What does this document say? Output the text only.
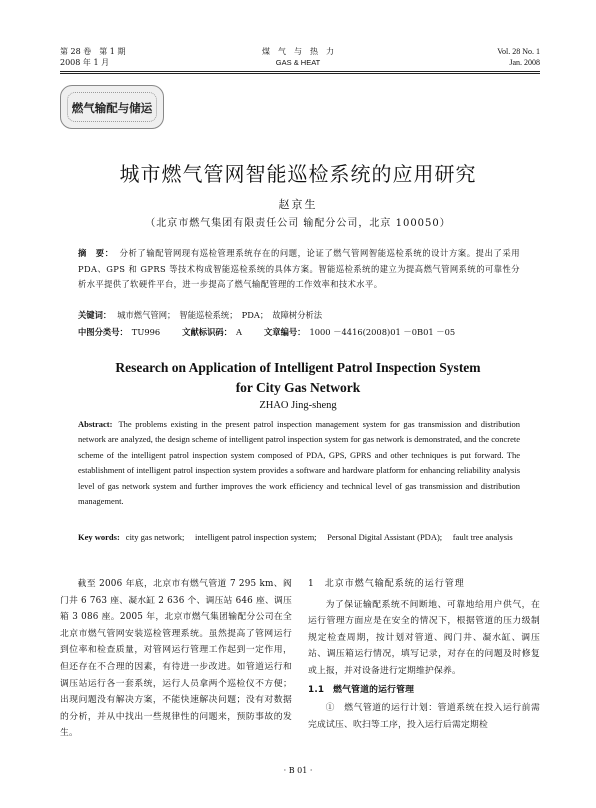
第 28 卷　第 1 期
2008 年 1 月
煤　气　与　热　力
GAS & HEAT
Vol. 28 No. 1
Jan. 2008
燃气输配与储运
城市燃气管网智能巡检系统的应用研究
赵京生
（北京市燃气集团有限责任公司 输配分公司，北京 100050）
摘　要： 分析了输配管网现有巡检管理系统存在的问题，论证了燃气管网智能巡检系统的设计方案。提出了采用 PDA、GPS 和 GPRS 等技术构成智能巡检系统的具体方案。智能巡检系统的建立为提高燃气管网系统的可靠性分析水平提供了软硬件平台，进一步提高了燃气输配管理的工作效率和技术水平。
关键词： 城市燃气管网；　智能巡检系统；　PDA；　故障树分析法
中图分类号： TU996	文献标识码： A	文章编号： 1000 －4416(2008)01 －0B01 －05
Research on Application of Intelligent Patrol Inspection System
for City Gas Network
ZHAO Jing-sheng
Abstract: The problems existing in the present patrol inspection management system for gas transmission and distribution network are analyzed, the design scheme of intelligent patrol inspection system for gas network is demonstrated, and the concrete scheme of the intelligent patrol inspection system composed of PDA, GPS, GPRS and other techniques is put forward. The establishment of intelligent patrol inspection system provides a software and hardware platform for enhancing reliability analysis level of gas network system and further improves the work efficiency and technical level of gas transmission and distribution management.
Key words: city gas network;　 intelligent patrol inspection system;　 Personal Digital Assistant (PDA);　 fault tree analysis

截至 2006 年底，北京市有燃气管道 7 295 km、阀门井 6 763 座、凝水缸 2 636 个、调压站 646 座、调压箱 3 086 座。2005 年，北京市燃气集团输配分公司在全北京市燃气管网安装巡检管理系统。虽然提高了管网运行到位率和检查质量，对管网运行管理工作起到一定作用，但还存在不合理的因素，有待进一步改进。如管道运行和调压站运行各一套系统，运行人员拿两个巡检仪不方便；出现问题没有解决方案，不能快速解决问题；没有对数据的分析，并从中找出一些规律性的问题来，预防事故的发生。

1　北京市燃气输配系统的运行管理

为了保证输配系统不间断地、可靠地给用户供气，在运行管理方面应是在安全的情况下，根据管道的压力级制规定检查周期，按计划对管道、阀门井、凝水缸、调压站、调压箱运行情况，填写记录，对存在的问题及时修复或上报，并对设备进行定期维护保养。

1.1　燃气管道的运行管理

①　燃气管道的运行计划：管道系统在投入运行前需完成试压、吹扫等工序，投入运行后需定期检

· B 01 ·
